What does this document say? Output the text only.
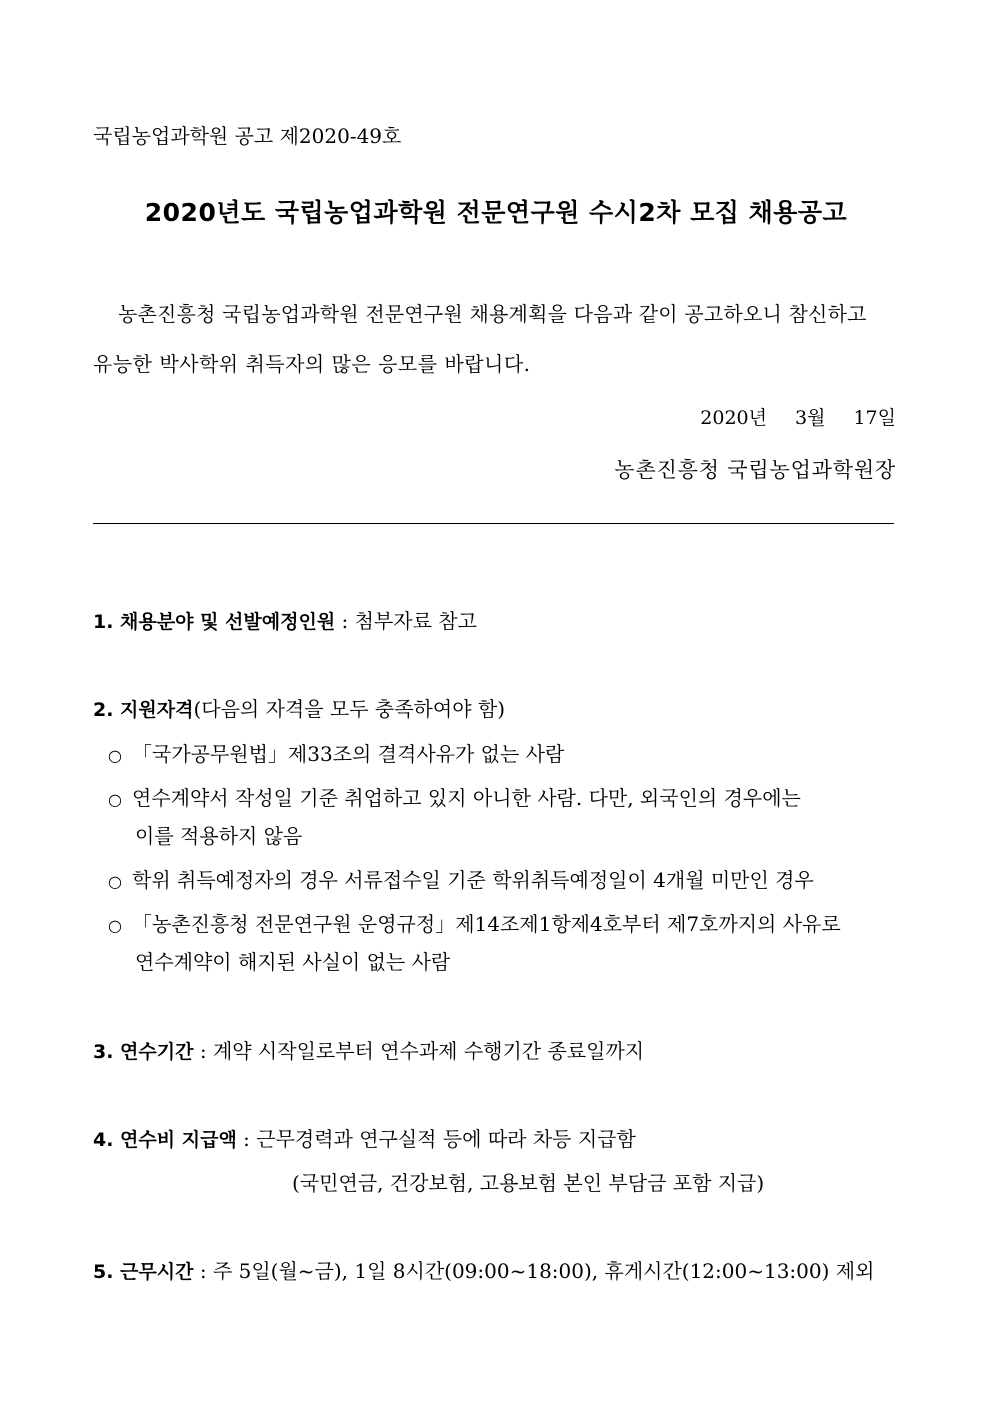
국립농업과학원 공고 제2020-49호
2020년도 국립농업과학원 전문연구원 수시2차 모집 채용공고
농촌진흥청 국립농업과학원 전문연구원 채용계획을 다음과 같이 공고하오니 참신하고
유능한 박사학위 취득자의 많은 응모를 바랍니다.
2020년 3월 17일
농촌진흥청 국립농업과학원장
1. 채용분야 및 선발예정인원 : 첨부자료 참고
2. 지원자격(다음의 자격을 모두 충족하여야 함)
○ 「국가공무원법」제33조의 결격사유가 없는 사람
○ 연수계약서 작성일 기준 취업하고 있지 아니한 사람. 다만, 외국인의 경우에는
이를 적용하지 않음
○ 학위 취득예정자의 경우 서류접수일 기준 학위취득예정일이 4개월 미만인 경우
○ 「농촌진흥청 전문연구원 운영규정」제14조제1항제4호부터 제7호까지의 사유로
연수계약이 해지된 사실이 없는 사람
3. 연수기간 : 계약 시작일로부터 연수과제 수행기간 종료일까지
4. 연수비 지급액 : 근무경력과 연구실적 등에 따라 차등 지급함
(국민연금, 건강보험, 고용보험 본인 부담금 포함 지급)
5. 근무시간 : 주 5일(월~금), 1일 8시간(09:00~18:00), 휴게시간(12:00~13:00) 제외
